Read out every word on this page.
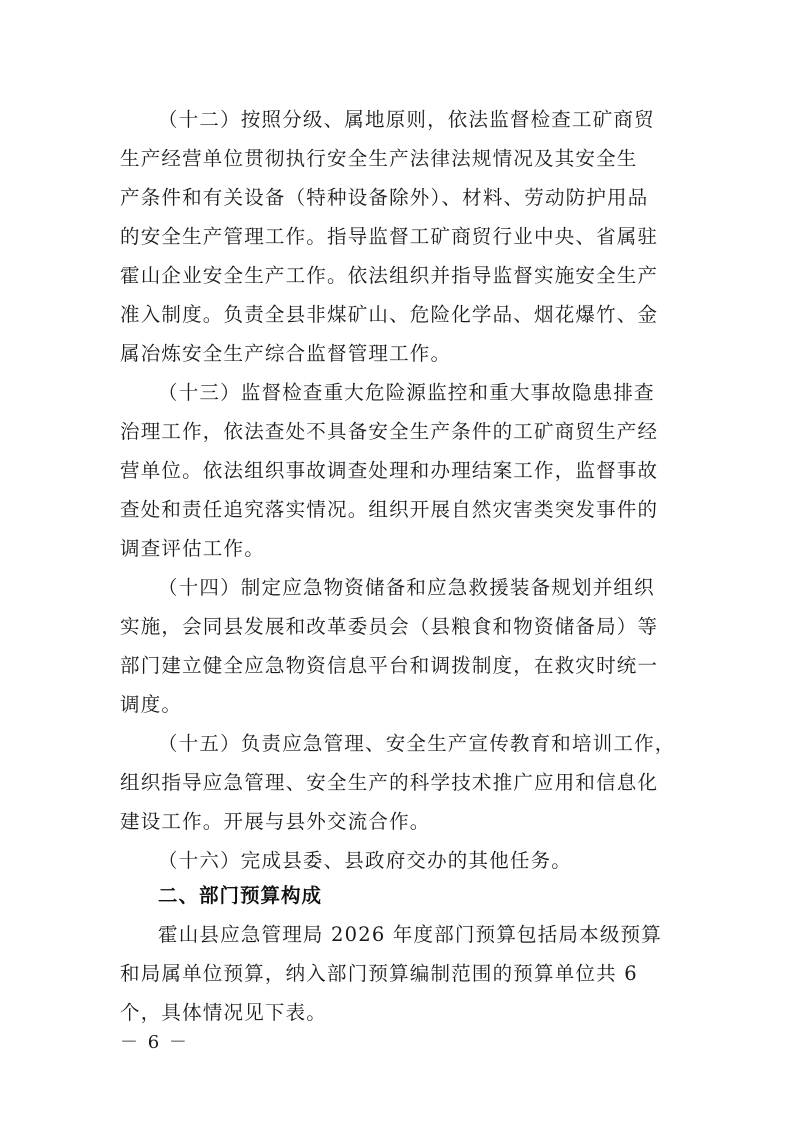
（十二）按照分级、属地原则，依法监督检查工矿商贸
生产经营单位贯彻执行安全生产法律法规情况及其安全生
产条件和有关设备（特种设备除外）、材料、劳动防护用品
的安全生产管理工作。指导监督工矿商贸行业中央、省属驻
霍山企业安全生产工作。依法组织并指导监督实施安全生产
准入制度。负责全县非煤矿山、危险化学品、烟花爆竹、金
属冶炼安全生产综合监督管理工作。
（十三）监督检查重大危险源监控和重大事故隐患排查
治理工作，依法查处不具备安全生产条件的工矿商贸生产经
营单位。依法组织事故调查处理和办理结案工作，监督事故
查处和责任追究落实情况。组织开展自然灾害类突发事件的
调查评估工作。
（十四）制定应急物资储备和应急救援装备规划并组织
实施，会同县发展和改革委员会（县粮食和物资储备局）等
部门建立健全应急物资信息平台和调拨制度，在救灾时统一
调度。
（十五）负责应急管理、安全生产宣传教育和培训工作，
组织指导应急管理、安全生产的科学技术推广应用和信息化
建设工作。开展与县外交流合作。
（十六）完成县委、县政府交办的其他任务。
二、部门预算构成
霍山县应急管理局 2026 年度部门预算包括局本级预算
和局属单位预算，纳入部门预算编制范围的预算单位共 6
个，具体情况见下表。
－ 6 －
